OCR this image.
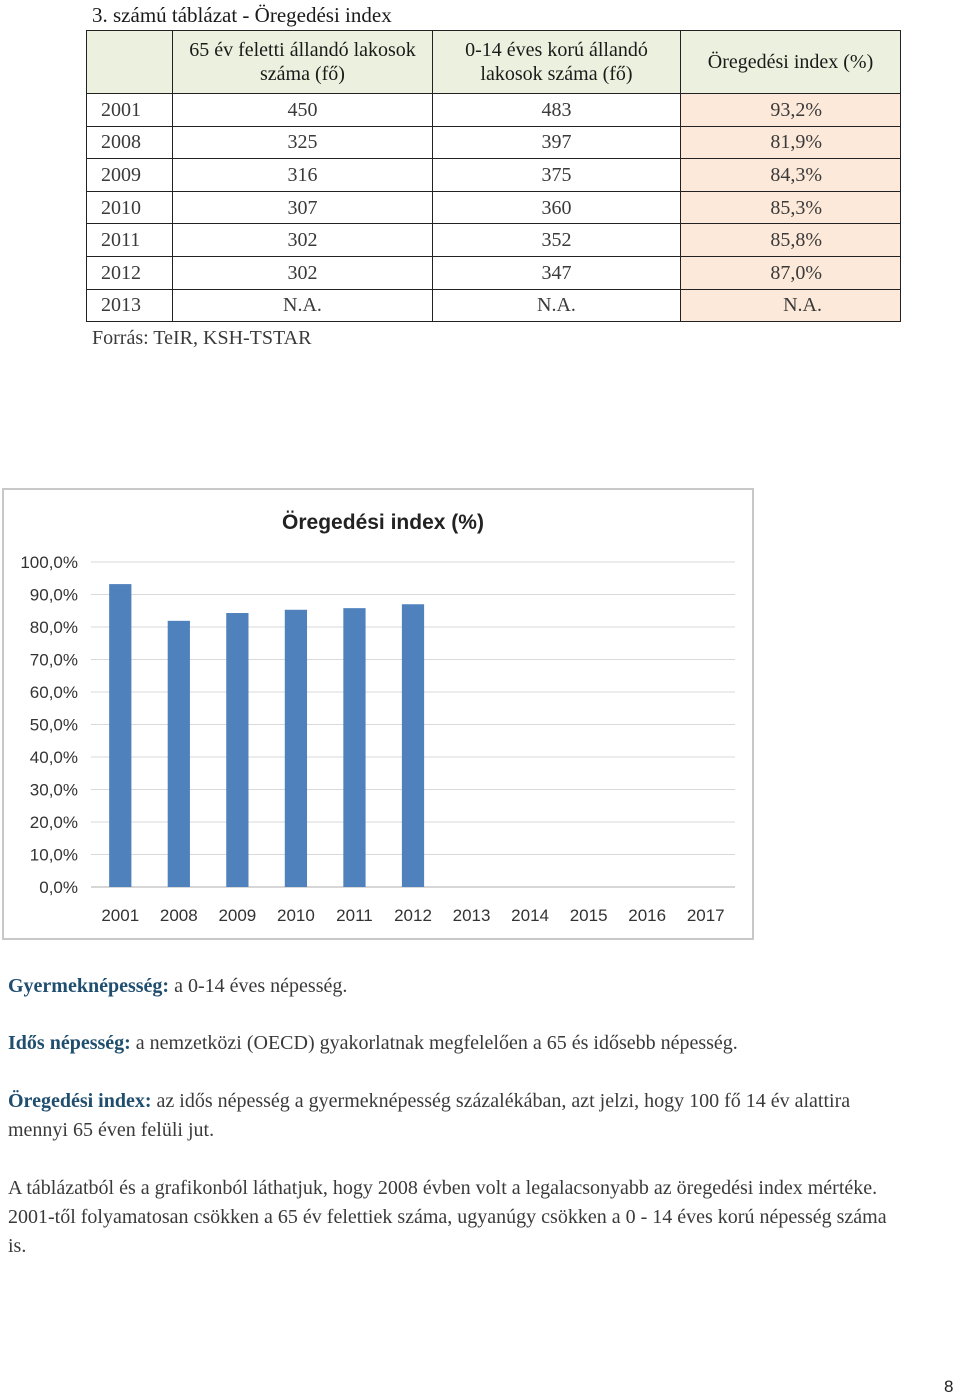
3. számú táblázat - Öregedési index
	65 év feletti állandó lakosok száma (fő)	0-14 éves korú állandó lakosok száma (fő)	Öregedési index (%)
2001	450	483	93,2%
2008	325	397	81,9%
2009	316	375	84,3%
2010	307	360	85,3%
2011	302	352	85,8%
2012	302	347	87,0%
2013	N.A.	N.A.	N.A.
Forrás: TeIR, KSH-TSTAR
Öregedési index (%)
0,0%
10,0%
20,0%
30,0%
40,0%
50,0%
60,0%
70,0%
80,0%
90,0%
100,0%
2001 2008 2009 2010 2011 2012 2013 2014 2015 2016 2017
Gyermeknépesség: a 0-14 éves népesség.
Idős népesség: a nemzetközi (OECD) gyakorlatnak megfelelően a 65 és idősebb népesség.
Öregedési index: az idős népesség a gyermeknépesség százalékában, azt jelzi, hogy 100 fő 14 év alattira mennyi 65 éven felüli jut.
A táblázatból és a grafikonból láthatjuk, hogy 2008 évben volt a legalacsonyabb az öregedési index mértéke. 2001-től folyamatosan csökken a 65 év felettiek száma, ugyanúgy csökken a 0 - 14 éves korú népesség száma is.
8
